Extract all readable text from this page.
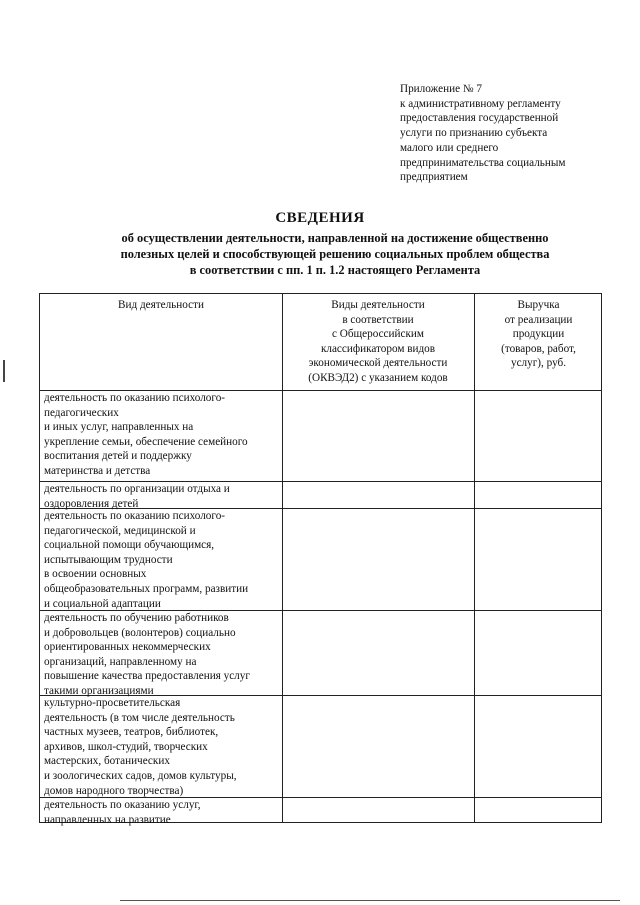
Приложение № 7
к административному регламенту
предоставления государственной
услуги по признанию субъекта
малого или среднего
предпринимательства социальным
предприятием
СВЕДЕНИЯ
об осуществлении деятельности, направленной на достижение общественно
полезных целей и способствующей решению социальных проблем общества
в соответствии с пп. 1 п. 1.2 настоящего Регламента
Вид деятельности	Виды деятельности
в соответствии
с Общероссийским
классификатором видов
экономической деятельности
(ОКВЭД2) с указанием кодов
Выручка
от реализации
продукции
(товаров, работ,
услуг), руб.
деятельность по оказанию психолого-
педагогических
и иных услуг, направленных на
укрепление семьи, обеспечение семейного
воспитания детей и поддержку
материнства и детства
деятельность по организации отдыха и
оздоровления детей
деятельность по оказанию психолого-
педагогической, медицинской и
социальной помощи обучающимся,
испытывающим трудности
в освоении основных
общеобразовательных программ, развитии
и социальной адаптации
деятельность по обучению работников
и добровольцев (волонтеров) социально
ориентированных некоммерческих
организаций, направленному на
повышение качества предоставления услуг
такими организациями
культурно-просветительская
деятельность (в том числе деятельность
частных музеев, театров, библиотек,
архивов, школ-студий, творческих
мастерских, ботанических
и зоологических садов, домов культуры,
домов народного творчества)
деятельность по оказанию услуг,
направленных на развитие
